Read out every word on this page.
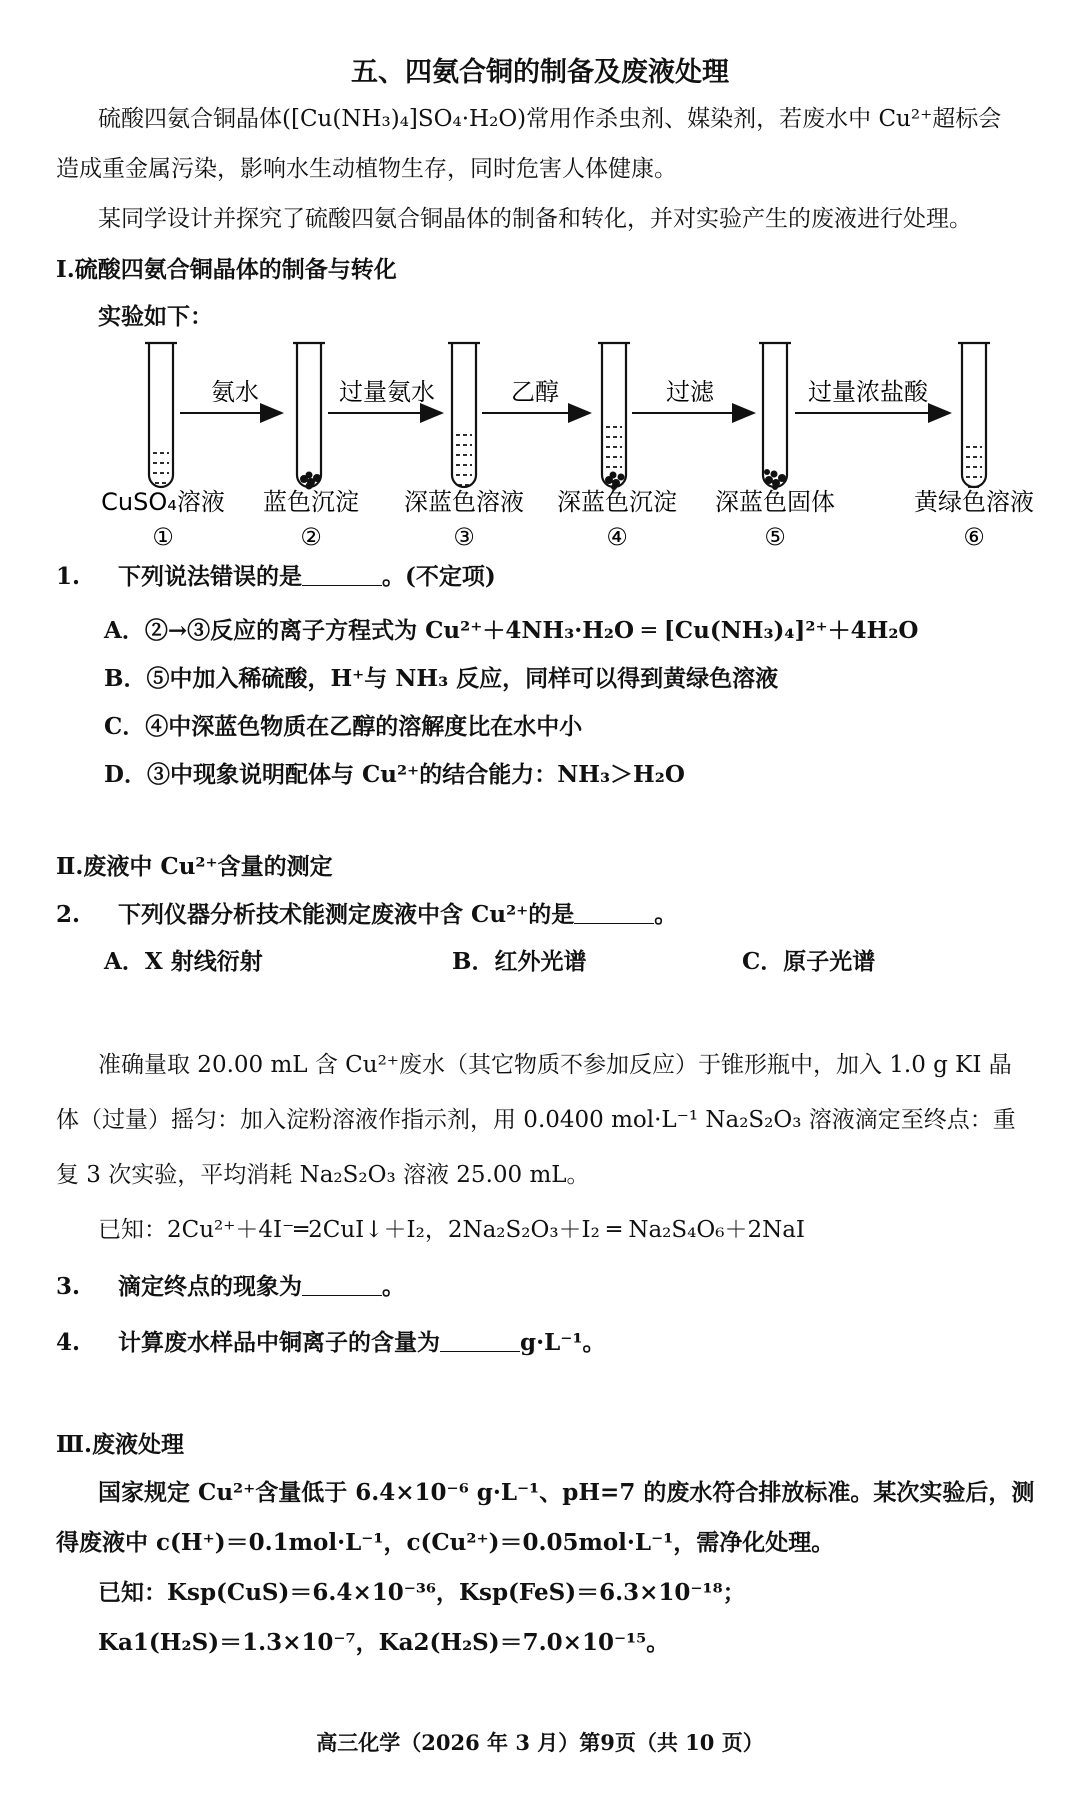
五、四氨合铜的制备及废液处理
硫酸四氨合铜晶体([Cu(NH₃)₄]SO₄·H₂O)常用作杀虫剂、媒染剂，若废水中 Cu²⁺超标会
造成重金属污染，影响水生动植物生存，同时危害人体健康。
某同学设计并探究了硫酸四氨合铜晶体的制备和转化，并对实验产生的废液进行处理。
Ⅰ.硫酸四氨合铜晶体的制备与转化
实验如下：
氨水	过量氨水	乙醇	过滤	过量浓盐酸
CuSO₄溶液 蓝色沉淀 深蓝色溶液 深蓝色沉淀 深蓝色固体	黄绿色溶液
①	②	③	④	⑤	⑥
1. 下列说法错误的是	。(不定项)
A．②→③反应的离子方程式为 Cu²⁺＋4NH₃·H₂O ═ [Cu(NH₃)₄]²⁺＋4H₂O
B．⑤中加入稀硫酸，H⁺与 NH₃ 反应，同样可以得到黄绿色溶液
C．④中深蓝色物质在乙醇的溶解度比在水中小
D．③中现象说明配体与 Cu²⁺的结合能力：NH₃＞H₂O
Ⅱ.废液中 Cu²⁺含量的测定
2. 下列仪器分析技术能测定废液中含 Cu²⁺的是	。
A．X 射线衍射	B．红外光谱	C．原子光谱
准确量取 20.00 mL 含 Cu²⁺废水（其它物质不参加反应）于锥形瓶中，加入 1.0 g KI 晶
体（过量）摇匀：加入淀粉溶液作指示剂，用 0.0400 mol·L⁻¹ Na₂S₂O₃ 溶液滴定至终点：重
复 3 次实验，平均消耗 Na₂S₂O₃ 溶液 25.00 mL。
已知：2Cu²⁺＋4I⁻═2CuI↓＋I₂，2Na₂S₂O₃＋I₂ ═ Na₂S₄O₆＋2NaI
3. 滴定终点的现象为	。
4. 计算废水样品中铜离子的含量为	g·L⁻¹。
Ⅲ.废液处理
国家规定 Cu²⁺含量低于 6.4×10⁻⁶ g·L⁻¹、pH=7 的废水符合排放标准。某次实验后，测
得废液中 c(H⁺)＝0.1mol·L⁻¹，c(Cu²⁺)＝0.05mol·L⁻¹，需净化处理。
已知：Ksp(CuS)＝6.4×10⁻³⁶，Ksp(FeS)＝6.3×10⁻¹⁸；
Ka1(H₂S)＝1.3×10⁻⁷，Ka2(H₂S)＝7.0×10⁻¹⁵。
高三化学（2026 年 3 月）第9页（共 10 页）
